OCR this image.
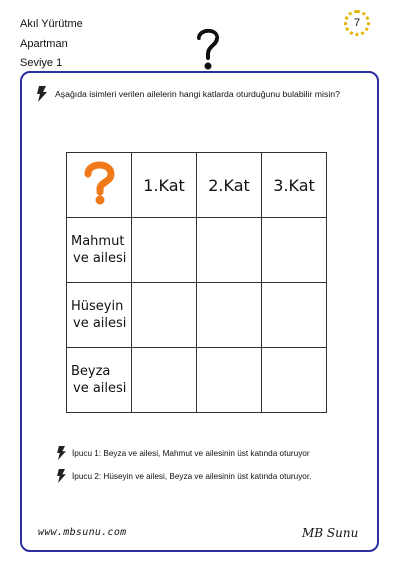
Akıl Yürütme
Apartman
Seviye 1
7
Aşağıda isimleri verilen ailelerin hangi katlarda oturduğunu bulabilir misin?
	1.Kat	2.Kat	3.Kat

Mahmut
ve ailesi			

Hüseyin
ve ailesi			

Beyza
ve ailesi			

İpucu 1: Beyza ve ailesi, Mahmut ve ailesinin üst katında oturuyor
İpucu 2: Hüseyin ve ailesi, Beyza ve ailesinin üst katında oturuyor.
www.mbsunu.com	MB Sunu
